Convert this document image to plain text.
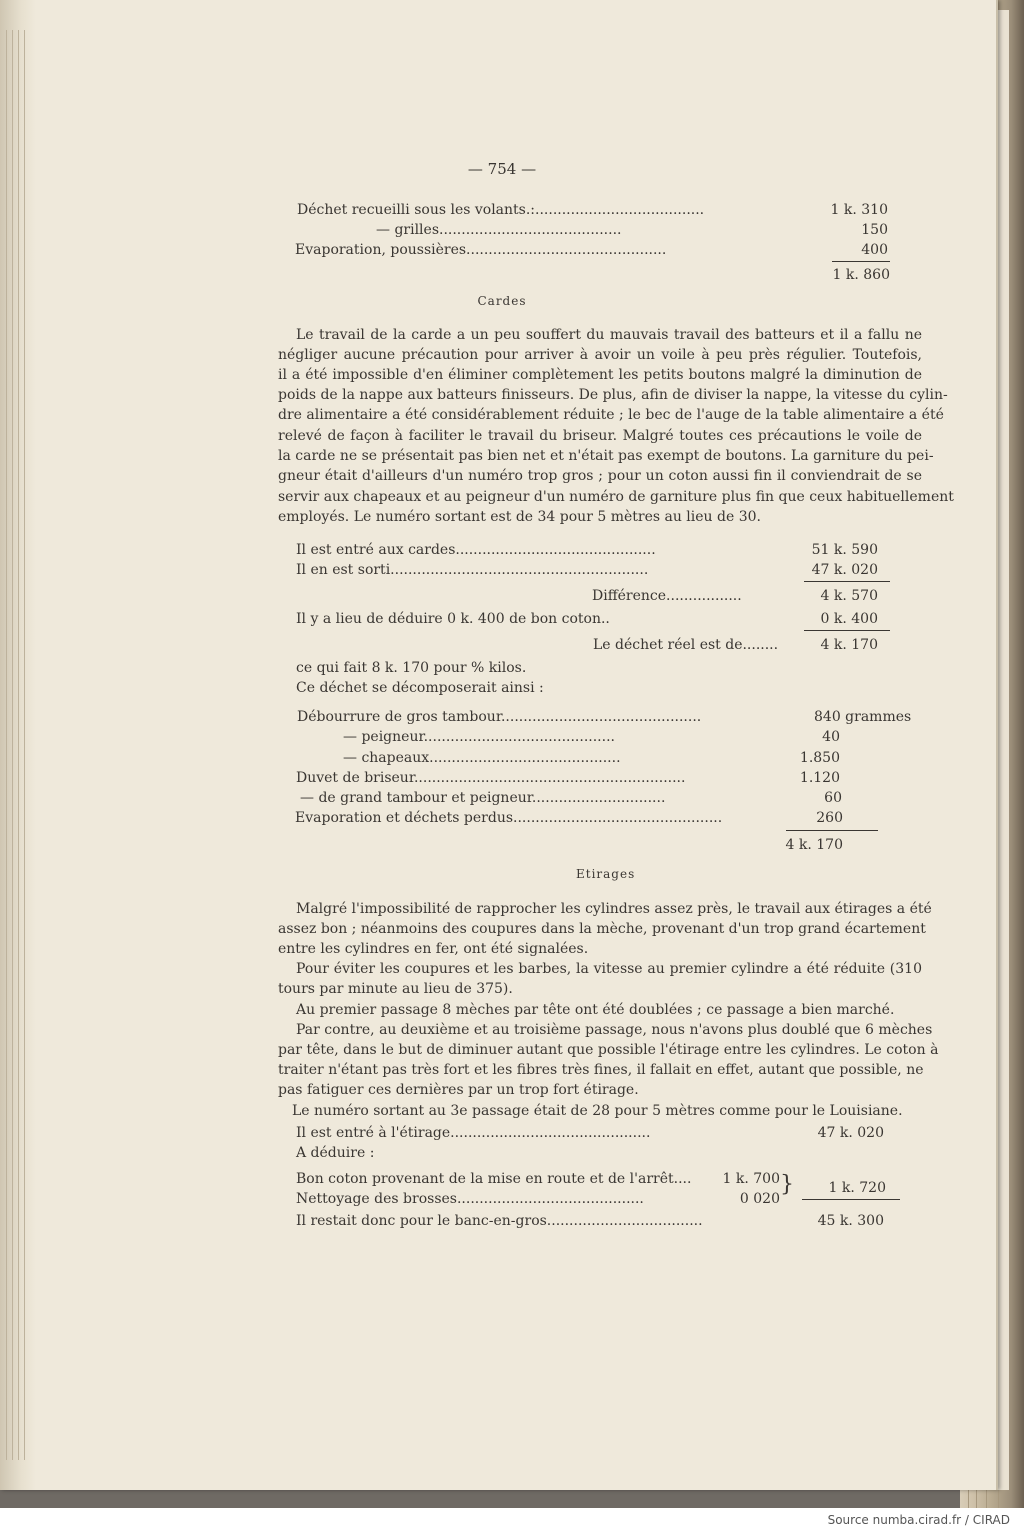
— 754 —
Déchet recueilli sous les volants.:......................................	1 k. 310
— grilles.........................................	150
Evaporation, poussières.............................................	400
1 k. 860
Cardes
Le travail de la carde a un peu souffert du mauvais travail des batteurs et il a fallu ne
négliger aucune précaution pour arriver à avoir un voile à peu près régulier. Toutefois,
il a été impossible d'en éliminer complètement les petits boutons malgré la diminution de
poids de la nappe aux batteurs finisseurs. De plus, afin de diviser la nappe, la vitesse du cylin-
dre alimentaire a été considérablement réduite ; le bec de l'auge de la table alimentaire a été
relevé de façon à faciliter le travail du briseur. Malgré toutes ces précautions le voile de
la carde ne se présentait pas bien net et n'était pas exempt de boutons. La garniture du pei-
gneur était d'ailleurs d'un numéro trop gros ; pour un coton aussi fin il conviendrait de se
servir aux chapeaux et au peigneur d'un numéro de garniture plus fin que ceux habituellement
employés. Le numéro sortant est de 34 pour 5 mètres au lieu de 30.
Il est entré aux cardes.............................................	51 k. 590
Il en est sorti..........................................................	47 k. 020
Différence.................	4 k. 570
Il y a lieu de déduire 0 k. 400 de bon coton..	0 k. 400
Le déchet réel est de........	4 k. 170
ce qui fait 8 k. 170 pour % kilos.
Ce déchet se décomposerait ainsi :
Débourrure de gros tambour.............................................	840 grammes
— peigneur...........................................	40
— chapeaux...........................................	1.850
Duvet de briseur.............................................................	1.120
— de grand tambour et peigneur..............................	60
Evaporation et déchets perdus...............................................	260
4 k. 170
Etirages
Malgré l'impossibilité de rapprocher les cylindres assez près, le travail aux étirages a été
assez bon ; néanmoins des coupures dans la mèche, provenant d'un trop grand écartement
entre les cylindres en fer, ont été signalées.
Pour éviter les coupures et les barbes, la vitesse au premier cylindre a été réduite (310
tours par minute au lieu de 375).
Au premier passage 8 mèches par tête ont été doublées ; ce passage a bien marché.
Par contre, au deuxième et au troisième passage, nous n'avons plus doublé que 6 mèches
par tête, dans le but de diminuer autant que possible l'étirage entre les cylindres. Le coton à
traiter n'étant pas très fort et les fibres très fines, il fallait en effet, autant que possible, ne
pas fatiguer ces dernières par un trop fort étirage.
Le numéro sortant au 3e passage était de 28 pour 5 mètres comme pour le Louisiane.
Il est entré à l'étirage.............................................	47 k. 020
A déduire :
Bon coton provenant de la mise en route et de l'arrêt....	1 k. 700
Nettoyage des brosses..........................................	0 020
}	1 k. 720
Il restait donc pour le banc-en-gros...................................	45 k. 300
Source numba.cirad.fr / CIRAD
